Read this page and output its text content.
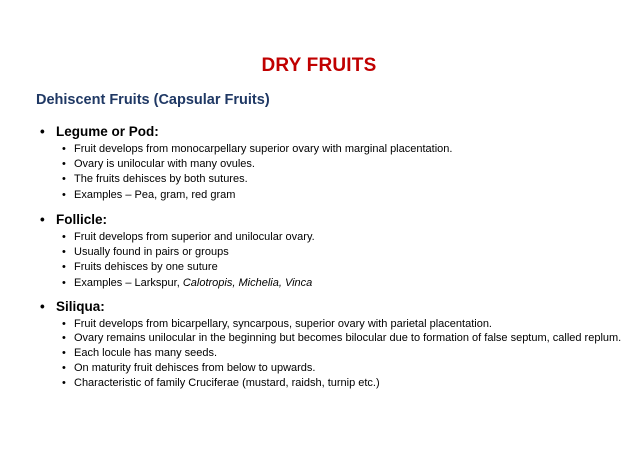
DRY FRUITS
Dehiscent Fruits (Capsular Fruits)
• Legume or Pod:
• Fruit develops from monocarpellary superior ovary with marginal placentation.
• Ovary is unilocular with many ovules.
• The fruits dehisces by both sutures.
• Examples – Pea, gram, red gram
• Follicle:
• Fruit develops from superior and unilocular ovary.
• Usually found in pairs or groups
• Fruits dehisces by one suture
• Examples – Larkspur, Calotropis, Michelia, Vinca
• Siliqua:
• Fruit develops from bicarpellary, syncarpous, superior ovary with parietal placentation.
• Ovary remains unilocular in the beginning but becomes bilocular due to formation of false septum, called replum.
• Each locule has many seeds.
• On maturity fruit dehisces from below to upwards.
• Characteristic of family Cruciferae (mustard, raidsh, turnip etc.)
